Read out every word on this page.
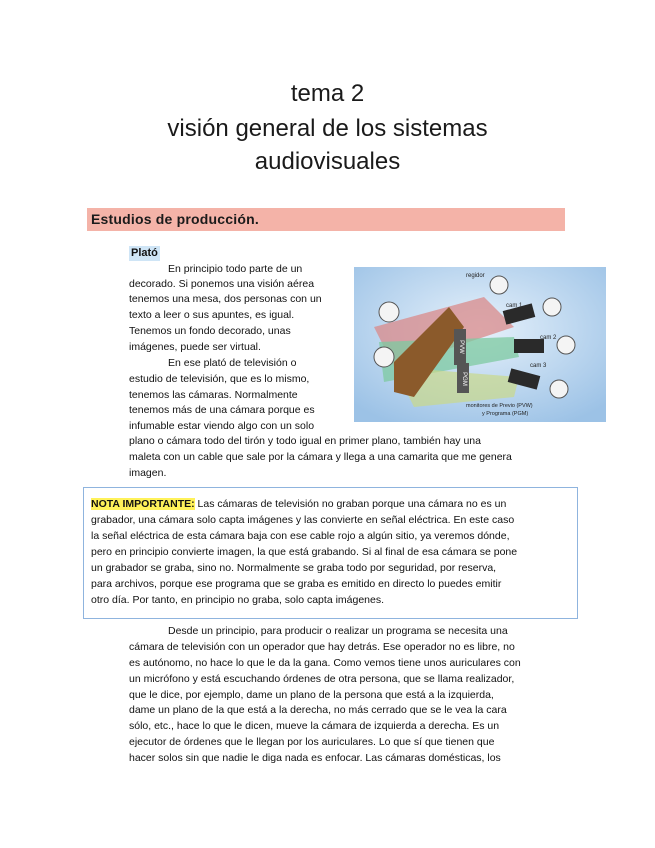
tema 2
visión general de los sistemas
audiovisuales
Estudios de producción.
Plató
En principio todo parte de un
decorado. Si ponemos una visión aérea
tenemos una mesa, dos personas con un
texto a leer o sus apuntes, es igual.
Tenemos un fondo decorado, unas
imágenes, puede ser virtual.
En ese plató de televisión o
estudio de televisión, que es lo mismo,
tenemos las cámaras. Normalmente
tenemos más de una cámara porque es
infumable estar viendo algo con un solo
plano o cámara todo del tirón y todo igual en primer plano, también hay una
maleta con un cable que sale por la cámara y llega a una camarita que me genera
imagen.
PVW
PGM
regidor
cam 1
cam 2
cam 3
monitores de Previo (PVW)
y Programa (PGM)
NOTA IMPORTANTE: Las cámaras de televisión no graban porque una cámara no es un
grabador, una cámara solo capta imágenes y las convierte en señal eléctrica. En este caso
la señal eléctrica de esta cámara baja con ese cable rojo a algún sitio, ya veremos dónde,
pero en principio convierte imagen, la que está grabando. Si al final de esa cámara se pone
un grabador se graba, sino no. Normalmente se graba todo por seguridad, por reserva,
para archivos, porque ese programa que se graba es emitido en directo lo puedes emitir
otro día. Por tanto, en principio no graba, solo capta imágenes.
Desde un principio, para producir o realizar un programa se necesita una
cámara de televisión con un operador que hay detrás. Ese operador no es libre, no
es autónomo, no hace lo que le da la gana. Como vemos tiene unos auriculares con
un micrófono y está escuchando órdenes de otra persona, que se llama realizador,
que le dice, por ejemplo, dame un plano de la persona que está a la izquierda,
dame un plano de la que está a la derecha, no más cerrado que se le vea la cara
sólo, etc., hace lo que le dicen, mueve la cámara de izquierda a derecha. Es un
ejecutor de órdenes que le llegan por los auriculares. Lo que sí que tienen que
hacer solos sin que nadie le diga nada es enfocar. Las cámaras domésticas, los
